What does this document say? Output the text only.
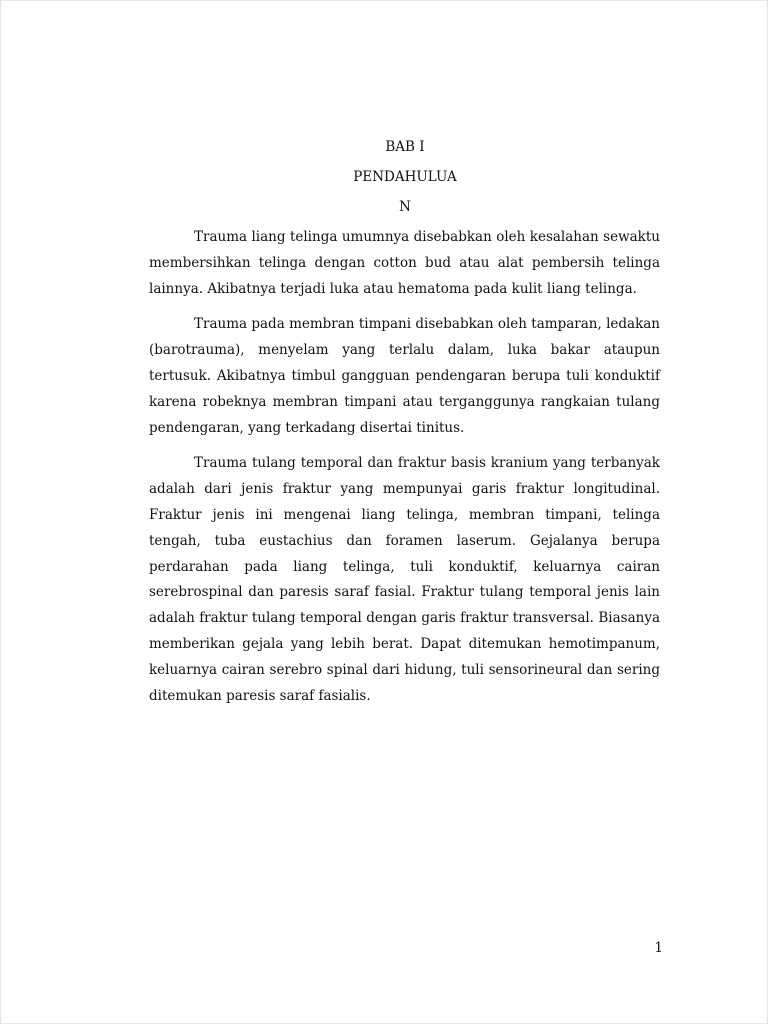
BAB I
PENDAHULUA
N

Trauma liang telinga umumnya disebabkan oleh kesalahan sewaktu membersihkan telinga dengan cotton bud atau alat pembersih telinga lainnya. Akibatnya terjadi luka atau hematoma pada kulit liang telinga.

Trauma pada membran timpani disebabkan oleh tamparan, ledakan (barotrauma), menyelam yang terlalu dalam, luka bakar ataupun tertusuk. Akibatnya timbul gangguan pendengaran berupa tuli konduktif karena robeknya membran timpani atau terganggunya rangkaian tulang pendengaran, yang terkadang disertai tinitus.

Trauma tulang temporal dan fraktur basis kranium yang terbanyak adalah dari jenis fraktur yang mempunyai garis fraktur longitudinal. Fraktur jenis ini mengenai liang telinga, membran timpani, telinga tengah, tuba eustachius dan foramen laserum. Gejalanya berupa perdarahan pada liang telinga, tuli konduktif, keluarnya cairan serebrospinal dan paresis saraf fasial. Fraktur tulang temporal jenis lain adalah fraktur tulang temporal dengan garis fraktur transversal. Biasanya memberikan gejala yang lebih berat. Dapat ditemukan hemotimpanum, keluarnya cairan serebro spinal dari hidung, tuli sensorineural dan sering ditemukan paresis saraf fasialis.

1
